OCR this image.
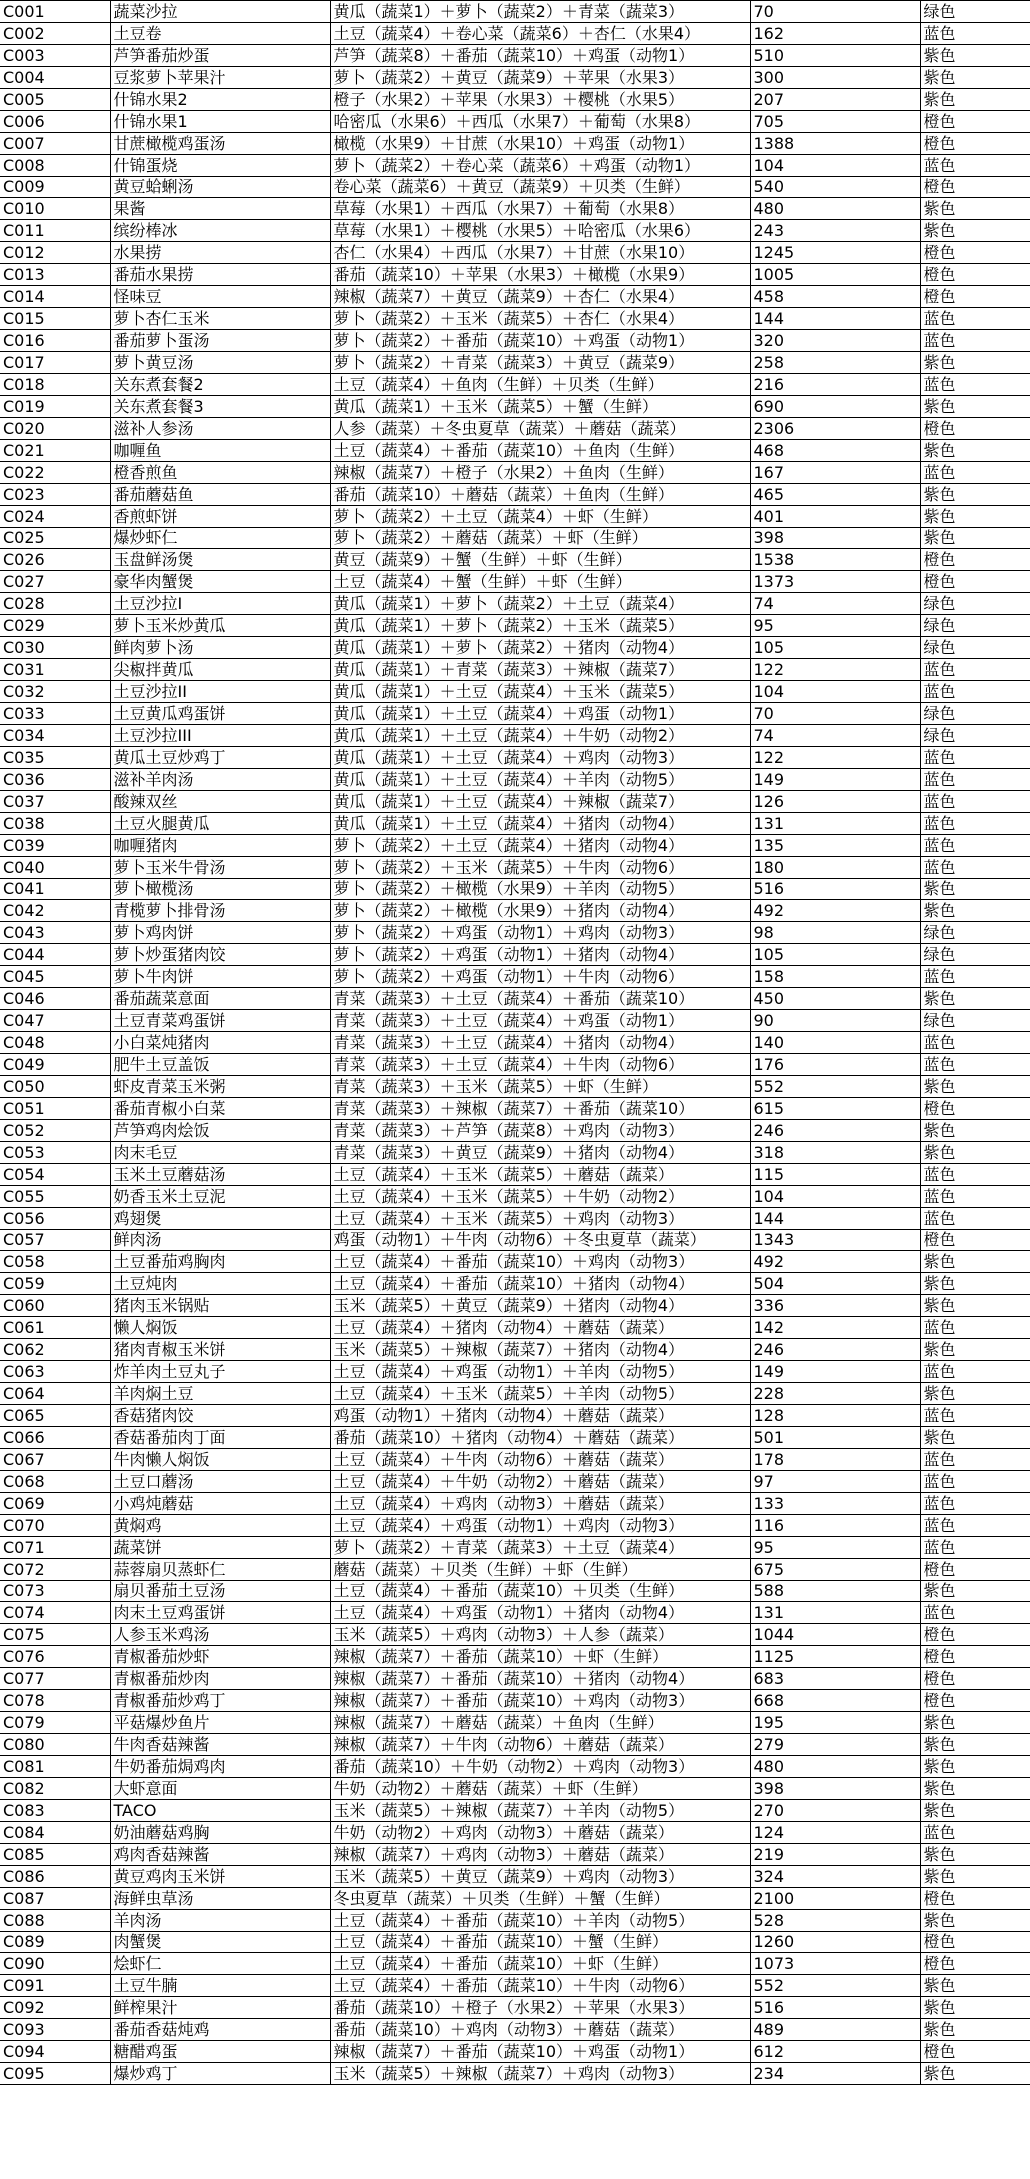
C001	蔬菜沙拉	黄瓜（蔬菜1）＋萝卜（蔬菜2）＋青菜（蔬菜3）	70	绿色
C002	土豆卷	土豆（蔬菜4）＋卷心菜（蔬菜6）＋杏仁（水果4）	162	蓝色
C003	芦笋番茄炒蛋	芦笋（蔬菜8）＋番茄（蔬菜10）＋鸡蛋（动物1）	510	紫色
C004	豆浆萝卜苹果汁	萝卜（蔬菜2）＋黄豆（蔬菜9）＋苹果（水果3）	300	紫色
C005	什锦水果2	橙子（水果2）＋苹果（水果3）＋樱桃（水果5）	207	紫色
C006	什锦水果1	哈密瓜（水果6）＋西瓜（水果7）＋葡萄（水果8）	705	橙色
C007	甘蔗橄榄鸡蛋汤	橄榄（水果9）＋甘蔗（水果10）＋鸡蛋（动物1）	1388	橙色
C008	什锦蛋烧	萝卜（蔬菜2）＋卷心菜（蔬菜6）＋鸡蛋（动物1）	104	蓝色
C009	黄豆蛤蜊汤	卷心菜（蔬菜6）＋黄豆（蔬菜9）＋贝类（生鲜）	540	橙色
C010	果酱	草莓（水果1）＋西瓜（水果7）＋葡萄（水果8）	480	紫色
C011	缤纷棒冰	草莓（水果1）＋樱桃（水果5）＋哈密瓜（水果6）	243	紫色
C012	水果捞	杏仁（水果4）＋西瓜（水果7）＋甘蔗（水果10）	1245	橙色
C013	番茄水果捞	番茄（蔬菜10）＋苹果（水果3）＋橄榄（水果9）	1005	橙色
C014	怪味豆	辣椒（蔬菜7）＋黄豆（蔬菜9）＋杏仁（水果4）	458	橙色
C015	萝卜杏仁玉米	萝卜（蔬菜2）＋玉米（蔬菜5）＋杏仁（水果4）	144	蓝色
C016	番茄萝卜蛋汤	萝卜（蔬菜2）＋番茄（蔬菜10）＋鸡蛋（动物1）	320	蓝色
C017	萝卜黄豆汤	萝卜（蔬菜2）＋青菜（蔬菜3）＋黄豆（蔬菜9）	258	紫色
C018	关东煮套餐2	土豆（蔬菜4）＋鱼肉（生鲜）＋贝类（生鲜）	216	蓝色
C019	关东煮套餐3	黄瓜（蔬菜1）＋玉米（蔬菜5）＋蟹（生鲜）	690	紫色
C020	滋补人参汤	人参（蔬菜）＋冬虫夏草（蔬菜）＋蘑菇（蔬菜）	2306	橙色
C021	咖喱鱼	土豆（蔬菜4）＋番茄（蔬菜10）＋鱼肉（生鲜）	468	紫色
C022	橙香煎鱼	辣椒（蔬菜7）＋橙子（水果2）＋鱼肉（生鲜）	167	蓝色
C023	番茄蘑菇鱼	番茄（蔬菜10）＋蘑菇（蔬菜）＋鱼肉（生鲜）	465	紫色
C024	香煎虾饼	萝卜（蔬菜2）＋土豆（蔬菜4）＋虾（生鲜）	401	紫色
C025	爆炒虾仁	萝卜（蔬菜2）＋蘑菇（蔬菜）＋虾（生鲜）	398	紫色
C026	玉盘鲜汤煲	黄豆（蔬菜9）＋蟹（生鲜）＋虾（生鲜）	1538	橙色
C027	豪华肉蟹煲	土豆（蔬菜4）＋蟹（生鲜）＋虾（生鲜）	1373	橙色
C028	土豆沙拉I	黄瓜（蔬菜1）＋萝卜（蔬菜2）＋土豆（蔬菜4）	74	绿色
C029	萝卜玉米炒黄瓜	黄瓜（蔬菜1）＋萝卜（蔬菜2）＋玉米（蔬菜5）	95	绿色
C030	鲜肉萝卜汤	黄瓜（蔬菜1）＋萝卜（蔬菜2）＋猪肉（动物4）	105	绿色
C031	尖椒拌黄瓜	黄瓜（蔬菜1）＋青菜（蔬菜3）＋辣椒（蔬菜7）	122	蓝色
C032	土豆沙拉II	黄瓜（蔬菜1）＋土豆（蔬菜4）＋玉米（蔬菜5）	104	蓝色
C033	土豆黄瓜鸡蛋饼	黄瓜（蔬菜1）＋土豆（蔬菜4）＋鸡蛋（动物1）	70	绿色
C034	土豆沙拉III	黄瓜（蔬菜1）＋土豆（蔬菜4）＋牛奶（动物2）	74	绿色
C035	黄瓜土豆炒鸡丁	黄瓜（蔬菜1）＋土豆（蔬菜4）＋鸡肉（动物3）	122	蓝色
C036	滋补羊肉汤	黄瓜（蔬菜1）＋土豆（蔬菜4）＋羊肉（动物5）	149	蓝色
C037	酸辣双丝	黄瓜（蔬菜1）＋土豆（蔬菜4）＋辣椒（蔬菜7）	126	蓝色
C038	土豆火腿黄瓜	黄瓜（蔬菜1）＋土豆（蔬菜4）＋猪肉（动物4）	131	蓝色
C039	咖喱猪肉	萝卜（蔬菜2）＋土豆（蔬菜4）＋猪肉（动物4）	135	蓝色
C040	萝卜玉米牛骨汤	萝卜（蔬菜2）＋玉米（蔬菜5）＋牛肉（动物6）	180	蓝色
C041	萝卜橄榄汤	萝卜（蔬菜2）＋橄榄（水果9）＋羊肉（动物5）	516	紫色
C042	青榄萝卜排骨汤	萝卜（蔬菜2）＋橄榄（水果9）＋猪肉（动物4）	492	紫色
C043	萝卜鸡肉饼	萝卜（蔬菜2）＋鸡蛋（动物1）＋鸡肉（动物3）	98	绿色
C044	萝卜炒蛋猪肉饺	萝卜（蔬菜2）＋鸡蛋（动物1）＋猪肉（动物4）	105	绿色
C045	萝卜牛肉饼	萝卜（蔬菜2）＋鸡蛋（动物1）＋牛肉（动物6）	158	蓝色
C046	番茄蔬菜意面	青菜（蔬菜3）＋土豆（蔬菜4）＋番茄（蔬菜10）	450	紫色
C047	土豆青菜鸡蛋饼	青菜（蔬菜3）＋土豆（蔬菜4）＋鸡蛋（动物1）	90	绿色
C048	小白菜炖猪肉	青菜（蔬菜3）＋土豆（蔬菜4）＋猪肉（动物4）	140	蓝色
C049	肥牛土豆盖饭	青菜（蔬菜3）＋土豆（蔬菜4）＋牛肉（动物6）	176	蓝色
C050	虾皮青菜玉米粥	青菜（蔬菜3）＋玉米（蔬菜5）＋虾（生鲜）	552	紫色
C051	番茄青椒小白菜	青菜（蔬菜3）＋辣椒（蔬菜7）＋番茄（蔬菜10）	615	橙色
C052	芦笋鸡肉烩饭	青菜（蔬菜3）＋芦笋（蔬菜8）＋鸡肉（动物3）	246	紫色
C053	肉末毛豆	青菜（蔬菜3）＋黄豆（蔬菜9）＋猪肉（动物4）	318	紫色
C054	玉米土豆蘑菇汤	土豆（蔬菜4）＋玉米（蔬菜5）＋蘑菇（蔬菜）	115	蓝色
C055	奶香玉米土豆泥	土豆（蔬菜4）＋玉米（蔬菜5）＋牛奶（动物2）	104	蓝色
C056	鸡翅煲	土豆（蔬菜4）＋玉米（蔬菜5）＋鸡肉（动物3）	144	蓝色
C057	鲜肉汤	鸡蛋（动物1）＋牛肉（动物6）＋冬虫夏草（蔬菜）	1343	橙色
C058	土豆番茄鸡胸肉	土豆（蔬菜4）＋番茄（蔬菜10）＋鸡肉（动物3）	492	紫色
C059	土豆炖肉	土豆（蔬菜4）＋番茄（蔬菜10）＋猪肉（动物4）	504	紫色
C060	猪肉玉米锅贴	玉米（蔬菜5）＋黄豆（蔬菜9）＋猪肉（动物4）	336	紫色
C061	懒人焖饭	土豆（蔬菜4）＋猪肉（动物4）＋蘑菇（蔬菜）	142	蓝色
C062	猪肉青椒玉米饼	玉米（蔬菜5）＋辣椒（蔬菜7）＋猪肉（动物4）	246	紫色
C063	炸羊肉土豆丸子	土豆（蔬菜4）＋鸡蛋（动物1）＋羊肉（动物5）	149	蓝色
C064	羊肉焖土豆	土豆（蔬菜4）＋玉米（蔬菜5）＋羊肉（动物5）	228	紫色
C065	香菇猪肉饺	鸡蛋（动物1）＋猪肉（动物4）＋蘑菇（蔬菜）	128	蓝色
C066	香菇番茄肉丁面	番茄（蔬菜10）＋猪肉（动物4）＋蘑菇（蔬菜）	501	紫色
C067	牛肉懒人焖饭	土豆（蔬菜4）＋牛肉（动物6）＋蘑菇（蔬菜）	178	蓝色
C068	土豆口蘑汤	土豆（蔬菜4）＋牛奶（动物2）＋蘑菇（蔬菜）	97	蓝色
C069	小鸡炖蘑菇	土豆（蔬菜4）＋鸡肉（动物3）＋蘑菇（蔬菜）	133	蓝色
C070	黄焖鸡	土豆（蔬菜4）＋鸡蛋（动物1）＋鸡肉（动物3）	116	蓝色
C071	蔬菜饼	萝卜（蔬菜2）＋青菜（蔬菜3）＋土豆（蔬菜4）	95	蓝色
C072	蒜蓉扇贝蒸虾仁	蘑菇（蔬菜）＋贝类（生鲜）＋虾（生鲜）	675	橙色
C073	扇贝番茄土豆汤	土豆（蔬菜4）＋番茄（蔬菜10）＋贝类（生鲜）	588	紫色
C074	肉末土豆鸡蛋饼	土豆（蔬菜4）＋鸡蛋（动物1）＋猪肉（动物4）	131	蓝色
C075	人参玉米鸡汤	玉米（蔬菜5）＋鸡肉（动物3）＋人参（蔬菜）	1044	橙色
C076	青椒番茄炒虾	辣椒（蔬菜7）＋番茄（蔬菜10）＋虾（生鲜）	1125	橙色
C077	青椒番茄炒肉	辣椒（蔬菜7）＋番茄（蔬菜10）＋猪肉（动物4）	683	橙色
C078	青椒番茄炒鸡丁	辣椒（蔬菜7）＋番茄（蔬菜10）＋鸡肉（动物3）	668	橙色
C079	平菇爆炒鱼片	辣椒（蔬菜7）＋蘑菇（蔬菜）＋鱼肉（生鲜）	195	紫色
C080	牛肉香菇辣酱	辣椒（蔬菜7）＋牛肉（动物6）＋蘑菇（蔬菜）	279	紫色
C081	牛奶番茄焗鸡肉	番茄（蔬菜10）＋牛奶（动物2）＋鸡肉（动物3）	480	紫色
C082	大虾意面	牛奶（动物2）＋蘑菇（蔬菜）＋虾（生鲜）	398	紫色
C083	TACO	玉米（蔬菜5）＋辣椒（蔬菜7）＋羊肉（动物5）	270	紫色
C084	奶油蘑菇鸡胸	牛奶（动物2）＋鸡肉（动物3）＋蘑菇（蔬菜）	124	蓝色
C085	鸡肉香菇辣酱	辣椒（蔬菜7）＋鸡肉（动物3）＋蘑菇（蔬菜）	219	紫色
C086	黄豆鸡肉玉米饼	玉米（蔬菜5）＋黄豆（蔬菜9）＋鸡肉（动物3）	324	紫色
C087	海鲜虫草汤	冬虫夏草（蔬菜）＋贝类（生鲜）＋蟹（生鲜）	2100	橙色
C088	羊肉汤	土豆（蔬菜4）＋番茄（蔬菜10）＋羊肉（动物5）	528	紫色
C089	肉蟹煲	土豆（蔬菜4）＋番茄（蔬菜10）＋蟹（生鲜）	1260	橙色
C090	烩虾仁	土豆（蔬菜4）＋番茄（蔬菜10）＋虾（生鲜）	1073	橙色
C091	土豆牛腩	土豆（蔬菜4）＋番茄（蔬菜10）＋牛肉（动物6）	552	紫色
C092	鲜榨果汁	番茄（蔬菜10）＋橙子（水果2）＋苹果（水果3）	516	紫色
C093	番茄香菇炖鸡	番茄（蔬菜10）＋鸡肉（动物3）＋蘑菇（蔬菜）	489	紫色
C094	糖醋鸡蛋	辣椒（蔬菜7）＋番茄（蔬菜10）＋鸡蛋（动物1）	612	橙色
C095	爆炒鸡丁	玉米（蔬菜5）＋辣椒（蔬菜7）＋鸡肉（动物3）	234	紫色
